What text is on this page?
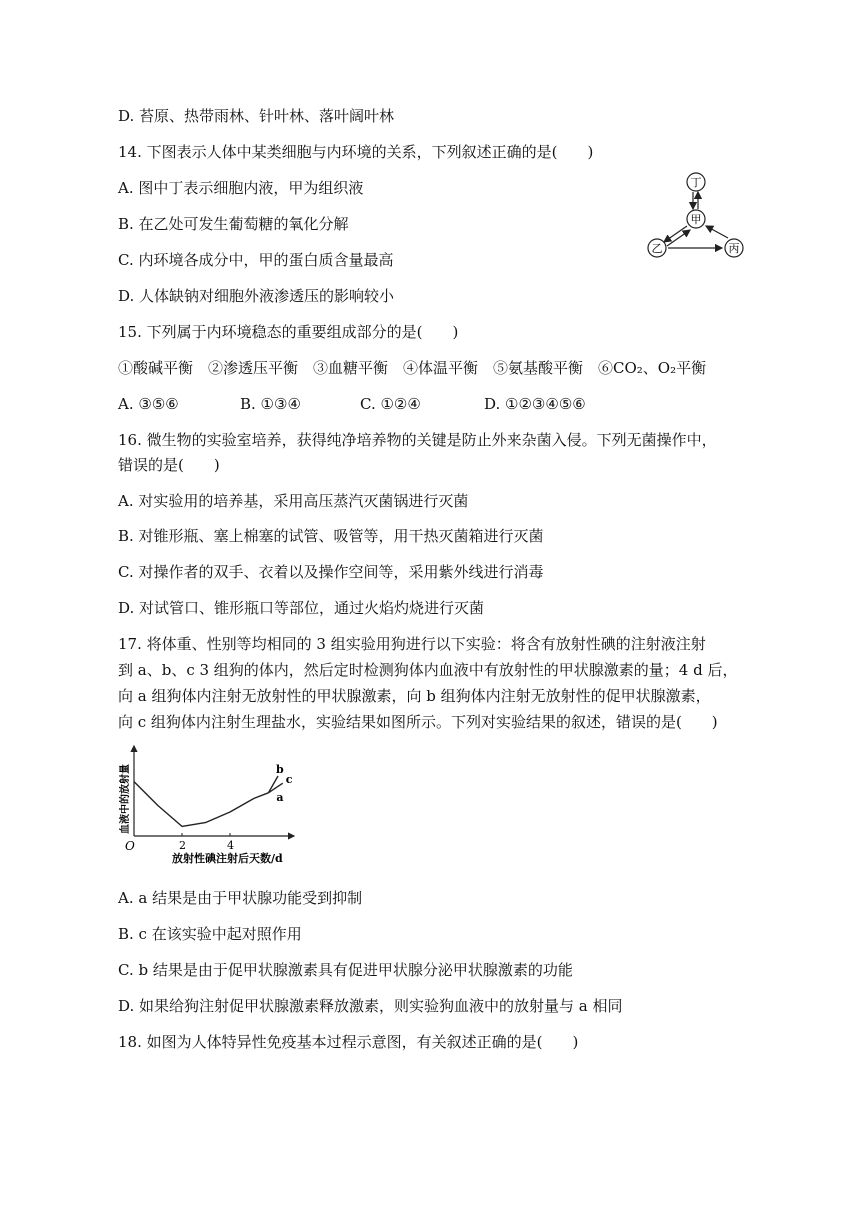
D. 苔原、热带雨林、针叶林、落叶阔叶林
14. 下图表示人体中某类细胞与内环境的关系，下列叙述正确的是(　　)
A. 图中丁表示细胞内液，甲为组织液
B. 在乙处可发生葡萄糖的氧化分解
C. 内环境各成分中，甲的蛋白质含量最高
D. 人体缺钠对细胞外液渗透压的影响较小
丁
甲
乙	丙
15. 下列属于内环境稳态的重要组成部分的是(　　)
①酸碱平衡　②渗透压平衡　③血糖平衡　④体温平衡　⑤氨基酸平衡　⑥CO₂、O₂平衡
A. ③⑤⑥	B. ①③④	C. ①②④	D. ①②③④⑤⑥
16. 微生物的实验室培养，获得纯净培养物的关键是防止外来杂菌入侵。下列无菌操作中，
错误的是(　　)
A. 对实验用的培养基，采用高压蒸汽灭菌锅进行灭菌
B. 对锥形瓶、塞上棉塞的试管、吸管等，用干热灭菌箱进行灭菌
C. 对操作者的双手、衣着以及操作空间等，采用紫外线进行消毒
D. 对试管口、锥形瓶口等部位，通过火焰灼烧进行灭菌
17. 将体重、性别等均相同的 3 组实验用狗进行以下实验：将含有放射性碘的注射液注射
到 a、b、c 3 组狗的体内，然后定时检测狗体内血液中有放射性的甲状腺激素的量；4 d 后，
向 a 组狗体内注射无放射性的甲状腺激素，向 b 组狗体内注射无放射性的促甲状腺激素，
向 c 组狗体内注射生理盐水，实验结果如图所示。下列对实验结果的叙述，错误的是(　　)
血液中的放射量
O
放射性碘注射后天数/d
2	4
a
b
c
A. a 结果是由于甲状腺功能受到抑制
B. c 在该实验中起对照作用
C. b 结果是由于促甲状腺激素具有促进甲状腺分泌甲状腺激素的功能
D. 如果给狗注射促甲状腺激素释放激素，则实验狗血液中的放射量与 a 相同
18. 如图为人体特异性免疫基本过程示意图，有关叙述正确的是(　　)
